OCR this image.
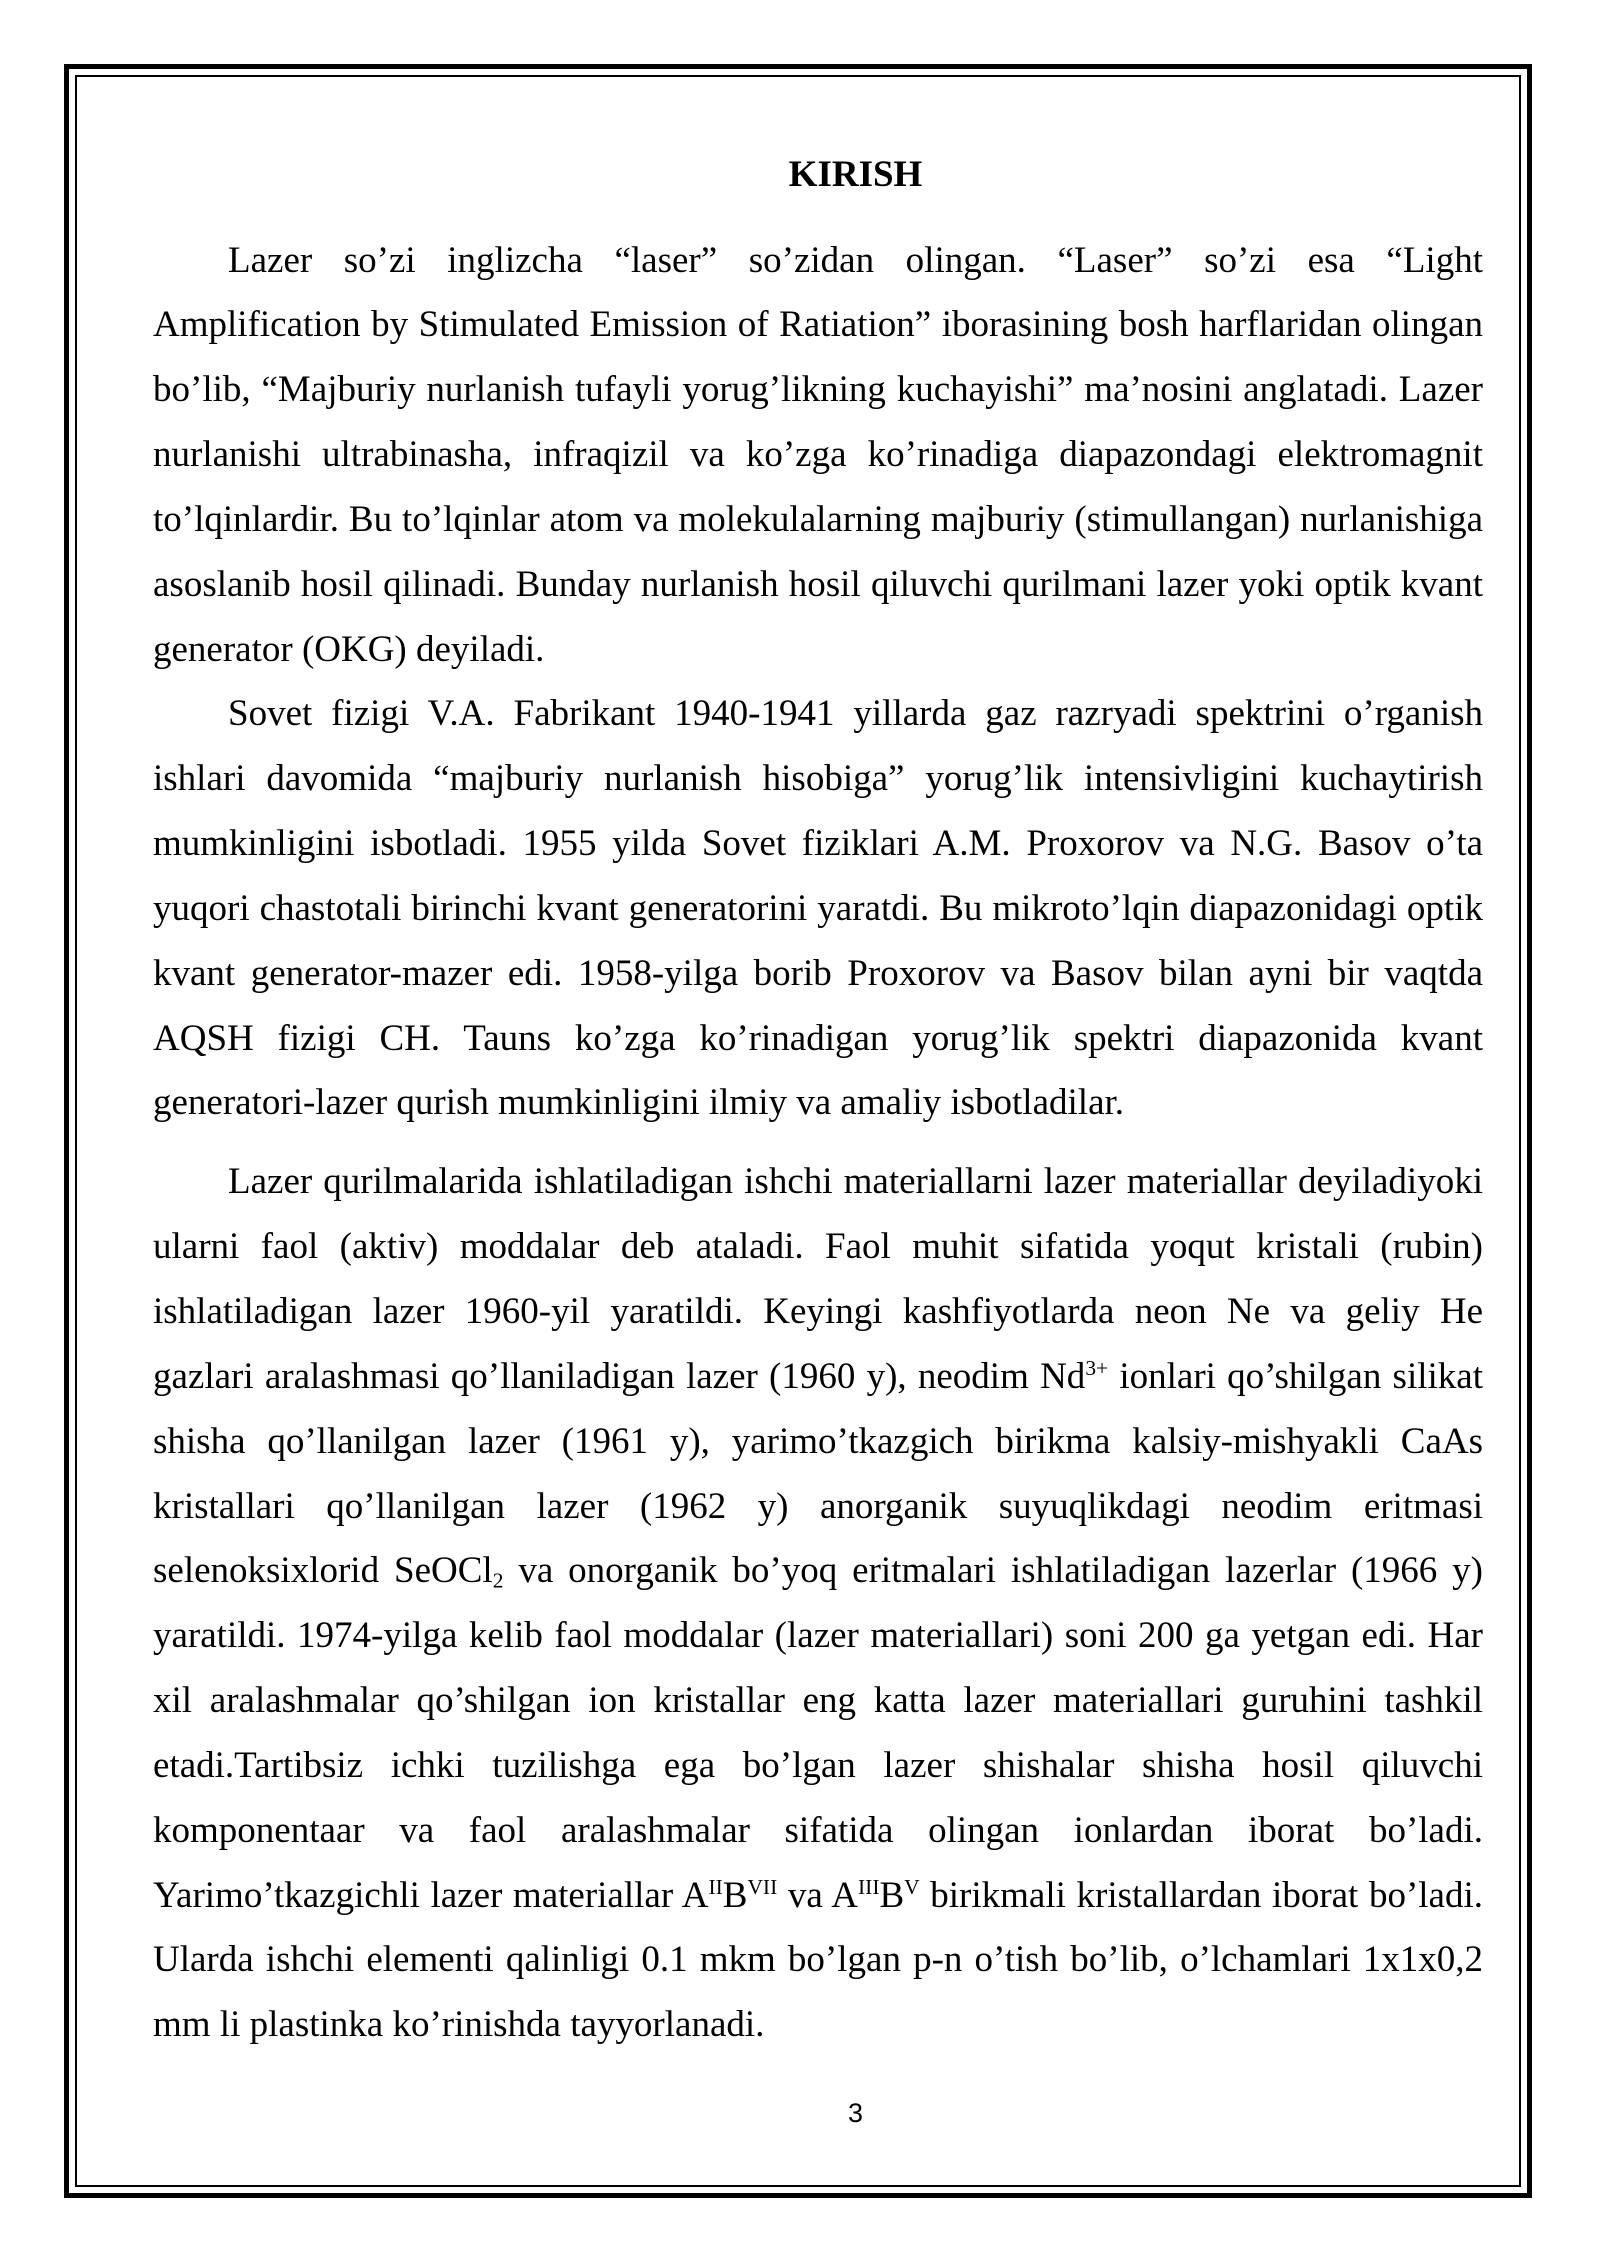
KIRISH
Lazer so’zi inglizcha “laser” so’zidan olingan. “Laser” so’zi esa “Light
Amplification by Stimulated Emission of Ratiation” iborasining bosh harflaridan olingan
bo’lib, “Majburiy nurlanish tufayli yorug’likning kuchayishi” ma’nosini anglatadi. Lazer
nurlanishi ultrabinasha, infraqizil va ko’zga ko’rinadiga diapazondagi elektromagnit
to’lqinlardir. Bu to’lqinlar atom va molekulalarning majburiy (stimullangan) nurlanishiga
asoslanib hosil qilinadi. Bunday nurlanish hosil qiluvchi qurilmani lazer yoki optik kvant
generator (OKG) deyiladi.
Sovet fizigi V.A. Fabrikant 1940-1941 yillarda gaz razryadi spektrini o’rganish
ishlari davomida “majburiy nurlanish hisobiga” yorug’lik intensivligini kuchaytirish
mumkinligini isbotladi. 1955 yilda Sovet fiziklari A.M. Proxorov va N.G. Basov o’ta
yuqori chastotali birinchi kvant generatorini yaratdi. Bu mikroto’lqin diapazonidagi optik
kvant generator-mazer edi. 1958-yilga borib Proxorov va Basov bilan ayni bir vaqtda
AQSH fizigi CH. Tauns ko’zga ko’rinadigan yorug’lik spektri diapazonida kvant
generatori-lazer qurish mumkinligini ilmiy va amaliy isbotladilar.
Lazer qurilmalarida ishlatiladigan ishchi materiallarni lazer materiallar deyiladiyoki
ularni faol (aktiv) moddalar deb ataladi. Faol muhit sifatida yoqut kristali (rubin)
ishlatiladigan lazer 1960-yil yaratildi. Keyingi kashfiyotlarda neon Ne va geliy He
gazlari aralashmasi qo’llaniladigan lazer (1960 y), neodim $Nd^{3+}$ ionlari qo’shilgan silikat
shisha qo’llanilgan lazer (1961 y), yarimo’tkazgich birikma kalsiy-mishyakli CaAs
kristallari qo’llanilgan lazer (1962 y) anorganik suyuqlikdagi neodim eritmasi
selenoksixlorid SeOCl$_2$ va onorganik bo’yoq eritmalari ishlatiladigan lazerlar (1966 y)
yaratildi. 1974-yilga kelib faol moddalar (lazer materiallari) soni 200 ga yetgan edi. Har
xil aralashmalar qo’shilgan ion kristallar eng katta lazer materiallari guruhini tashkil
etadi.Tartibsiz ichki tuzilishga ega bo’lgan lazer shishalar shisha hosil qiluvchi
komponentaar va faol aralashmalar sifatida olingan ionlardan iborat bo’ladi.
Yarimo’tkazgichli lazer materiallar $A^{II}B^{VII}$ va $A^{III}B^V$ birikmali kristallardan iborat bo’ladi.
Ularda ishchi elementi qalinligi 0.1 mkm bo’lgan p-n o’tish bo’lib, o’lchamlari 1x1x0,2
mm li plastinka ko’rinishda tayyorlanadi.
3
